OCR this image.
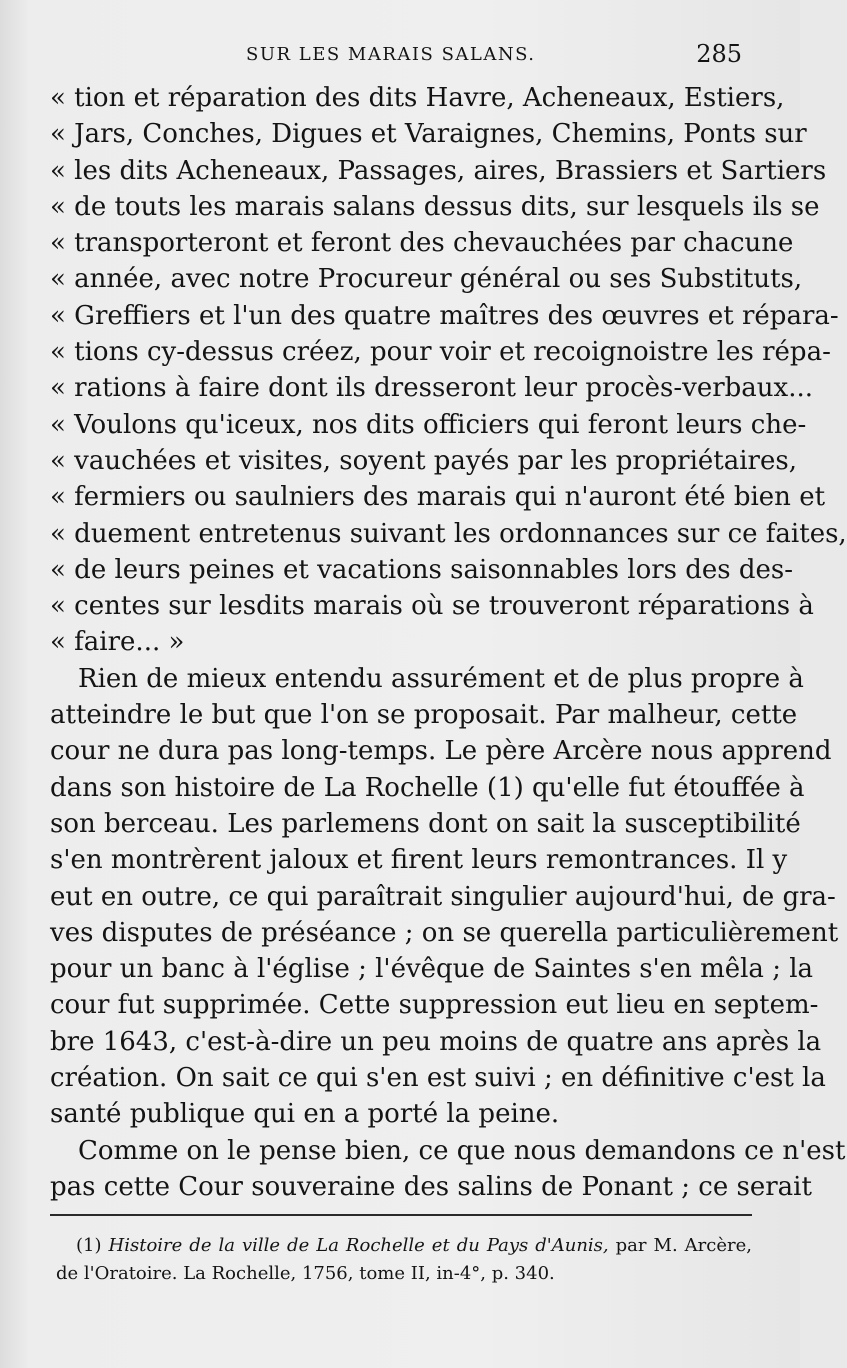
SUR LES MARAIS SALANS.	285
« tion et réparation des dits Havre, Acheneaux, Estiers,
« Jars, Conches, Digues et Varaignes, Chemins, Ponts sur
« les dits Acheneaux, Passages, aires, Brassiers et Sartiers
« de touts les marais salans dessus dits, sur lesquels ils se
« transporteront et feront des chevauchées par chacune
« année, avec notre Procureur général ou ses Substituts,
« Greffiers et l'un des quatre maîtres des œuvres et répara-
« tions cy-dessus créez, pour voir et recoignoistre les répa-
« rations à faire dont ils dresseront leur procès-verbaux...
« Voulons qu'iceux, nos dits officiers qui feront leurs che-
« vauchées et visites, soyent payés par les propriétaires,
« fermiers ou saulniers des marais qui n'auront été bien et
« duement entretenus suivant les ordonnances sur ce faites,
« de leurs peines et vacations saisonnables lors des des-
« centes sur lesdits marais où se trouveront réparations à
« faire... »
Rien de mieux entendu assurément et de plus propre à
atteindre le but que l'on se proposait. Par malheur, cette
cour ne dura pas long-temps. Le père Arcère nous apprend
dans son histoire de La Rochelle (1) qu'elle fut étouffée à
son berceau. Les parlemens dont on sait la susceptibilité
s'en montrèrent jaloux et firent leurs remontrances. Il y
eut en outre, ce qui paraîtrait singulier aujourd'hui, de gra-
ves disputes de préséance ; on se querella particulièrement
pour un banc à l'église ; l'évêque de Saintes s'en mêla ; la
cour fut supprimée. Cette suppression eut lieu en septem-
bre 1643, c'est-à-dire un peu moins de quatre ans après la
création. On sait ce qui s'en est suivi ; en définitive c'est la
santé publique qui en a porté la peine.
Comme on le pense bien, ce que nous demandons ce n'est
pas cette Cour souveraine des salins de Ponant ; ce serait
(1) Histoire de la ville de La Rochelle et du Pays d'Aunis, par M. Arcère,
de l'Oratoire. La Rochelle, 1756, tome II, in-4°, p. 340.
